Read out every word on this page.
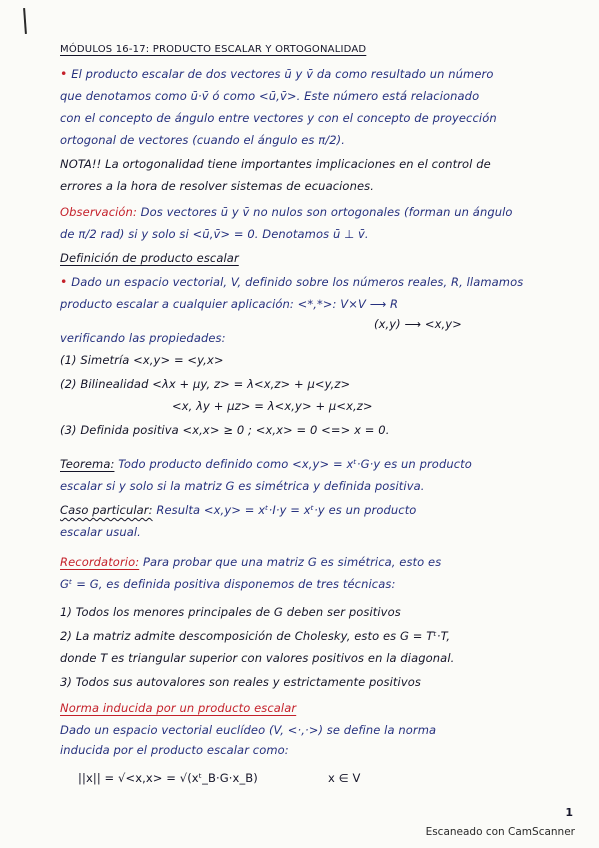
MÓDULOS 16-17: PRODUCTO ESCALAR Y ORTOGONALIDAD

• El producto escalar de dos vectores ū y v̄ da como resultado un número

que denotamos como ū·v̄ ó como <ū,v̄>. Este número está relacionado

con el concepto de ángulo entre vectores y con el concepto de proyección

ortogonal de vectores (cuando el ángulo es π/2).

NOTA!! La ortogonalidad tiene importantes implicaciones en el control de

errores a la hora de resolver sistemas de ecuaciones.

Observación: Dos vectores ū y v̄ no nulos son ortogonales (forman un ángulo

de π/2 rad) si y solo si <ū,v̄> = 0. Denotamos ū ⊥ v̄.

Definición de producto escalar

• Dado un espacio vectorial, V, definido sobre los números reales, R, llamamos

producto escalar a cualquier aplicación: <*,*>: V×V ⟶ R

(x,y) ⟶ <x,y>

verificando las propiedades:

(1) Simetría <x,y> = <y,x>

(2) Bilinealidad <λx + μy, z> = λ<x,z> + μ<y,z>

<x, λy + μz> = λ<x,y> + μ<x,z>

(3) Definida positiva <x,x> ≥ 0 ; <x,x> = 0 <=> x = 0.

Teorema: Todo producto definido como <x,y> = xᵗ·G·y es un producto

escalar si y solo si la matriz G es simétrica y definida positiva.

Caso particular: Resulta <x,y> = xᵗ·I·y = xᵗ·y es un producto

escalar usual.

Recordatorio: Para probar que una matriz G es simétrica, esto es

Gᵗ = G, es definida positiva disponemos de tres técnicas:

1) Todos los menores principales de G deben ser positivos

2) La matriz admite descomposición de Cholesky, esto es G = Tᵗ·T,

donde T es triangular superior con valores positivos en la diagonal.

3) Todos sus autovalores son reales y estrictamente positivos

Norma inducida por un producto escalar

Dado un espacio vectorial euclídeo (V, <·,·>) se define la norma

inducida por el producto escalar como:

||x|| = √<x,x> = √(xᵗ_B·G·x_B)	x ∈ V

1
Escaneado con CamScanner
